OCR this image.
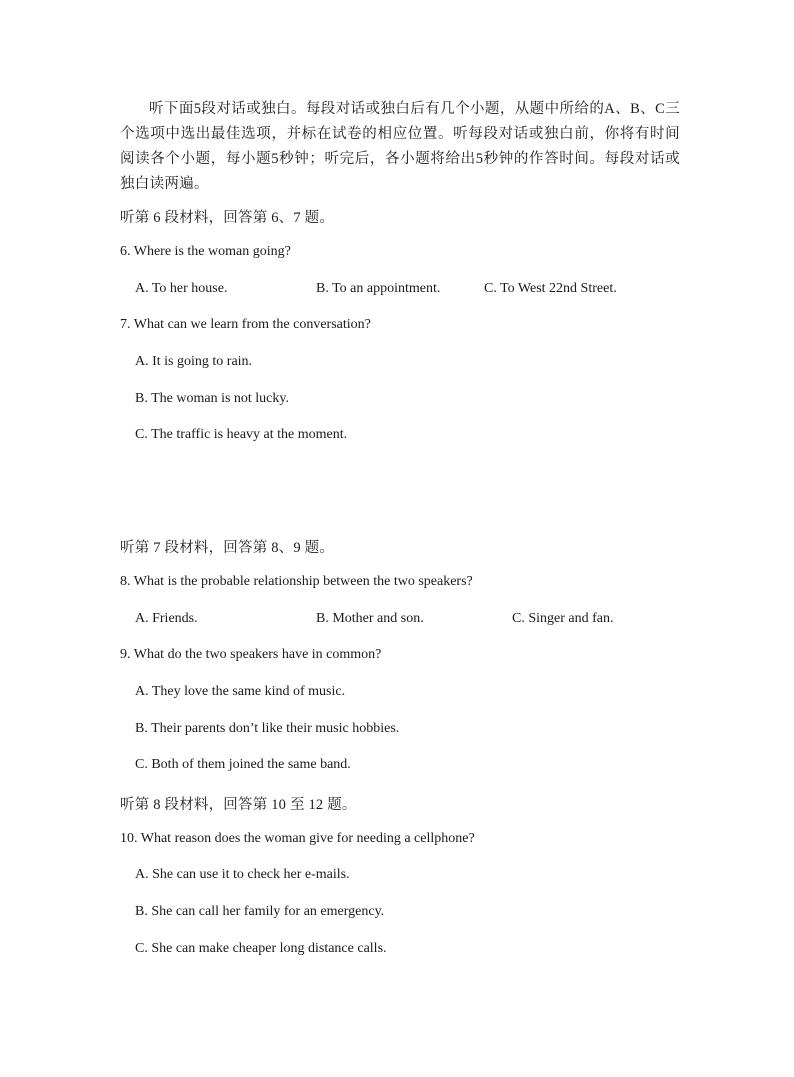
听下面5段对话或独白。每段对话或独白后有几个小题，从题中所给的A、B、C三个选项中选出最佳选项，并标在试卷的相应位置。听每段对话或独白前，你将有时间阅读各个小题，每小题5秒钟；听完后，各小题将给出5秒钟的作答时间。每段对话或独白读两遍。
听第 6 段材料，回答第 6、7 题。
6. Where is the woman going?
A. To her house.	B. To an appointment.	C. To West 22nd Street.
7. What can we learn from the conversation?
A. It is going to rain.
B. The woman is not lucky.
C. The traffic is heavy at the moment.
听第 7 段材料，回答第 8、9 题。
8. What is the probable relationship between the two speakers?
A. Friends.	B. Mother and son.	C. Singer and fan.
9. What do the two speakers have in common?
A. They love the same kind of music.
B. Their parents don’t like their music hobbies.
C. Both of them joined the same band.
听第 8 段材料，回答第 10 至 12 题。
10. What reason does the woman give for needing a cellphone?
A. She can use it to check her e-mails.
B. She can call her family for an emergency.
C. She can make cheaper long distance calls.
